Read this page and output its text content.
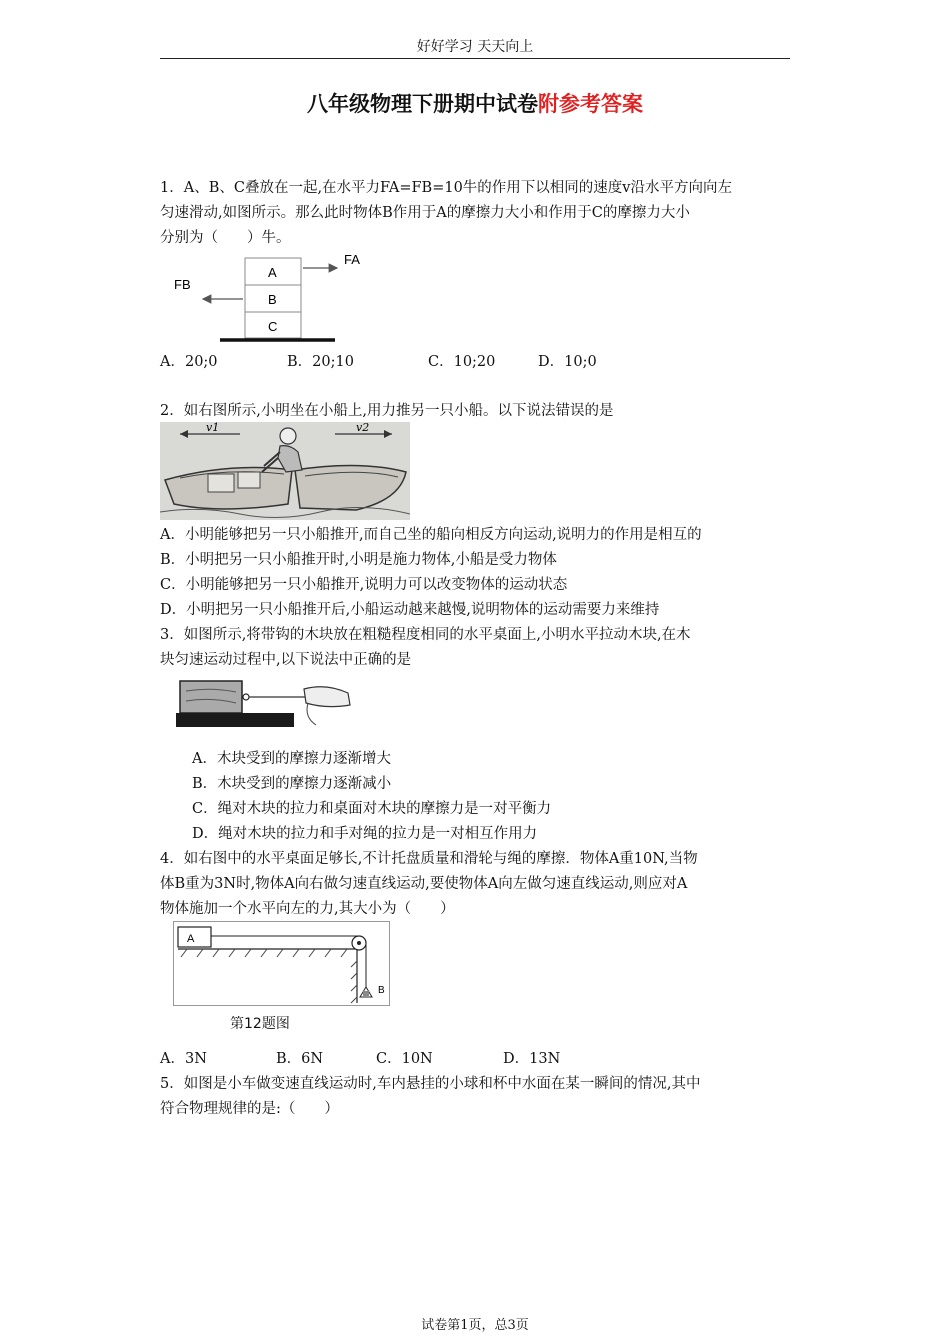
好好学习 天天向上
八年级物理下册期中试卷附参考答案
1．A、B、C叠放在一起,在水平力FA=FB=10牛的作用下以相同的速度v沿水平方向向左
匀速滑动,如图所示。那么此时物体B作用于A的摩擦力大小和作用于C的摩擦力大小
分别为（　　）牛。
A
B
C
FA
FB
A．20;0	B．20;10	C．10;20	D．10;0
2．如右图所示,小明坐在小船上,用力推另一只小船。以下说法错误的是
v1	v2
A．小明能够把另一只小船推开,而自己坐的船向相反方向运动,说明力的作用是相互的
B．小明把另一只小船推开时,小明是施力物体,小船是受力物体
C．小明能够把另一只小船推开,说明力可以改变物体的运动状态
D．小明把另一只小船推开后,小船运动越来越慢,说明物体的运动需要力来维持
3．如图所示,将带钩的木块放在粗糙程度相同的水平桌面上,小明水平拉动木块,在木
块匀速运动过程中,以下说法中正确的是
A．木块受到的摩擦力逐渐增大
B．木块受到的摩擦力逐渐减小
C．绳对木块的拉力和桌面对木块的摩擦力是一对平衡力
D．绳对木块的拉力和手对绳的拉力是一对相互作用力
4．如右图中的水平桌面足够长,不计托盘质量和滑轮与绳的摩擦．物体A重10N,当物
体B重为3N时,物体A向右做匀速直线运动,要使物体A向左做匀速直线运动,则应对A
物体施加一个水平向左的力,其大小为（　　）
A
B
第12题图
A．3N	B．6N	C．10N	D．13N
5．如图是小车做变速直线运动时,车内悬挂的小球和杯中水面在某一瞬间的情况,其中
符合物理规律的是:（　　）
试卷第1页，总3页
